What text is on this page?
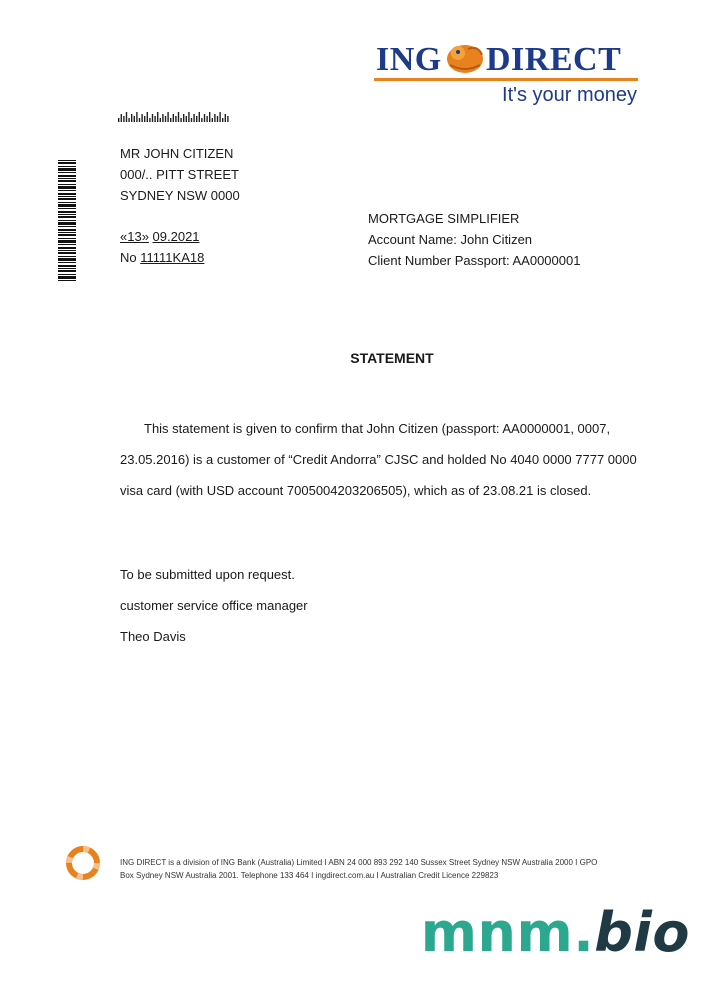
ING DIRECT
It's your money
MR JOHN CITIZEN
000/.. PITT STREET
SYDNEY NSW 0000
«13» 09.2021
No 11111KA18
MORTGAGE SIMPLIFIER
Account Name: John Citizen
Client Number Passport: AA0000001
STATEMENT

This statement is given to confirm that John Citizen (passport: AA0000001, 0007,

23.05.2016) is a customer of “Credit Andorra” CJSC and holded No 4040 0000 7777 0000

visa card (with USD account 7005004203206505), which as of 23.08.21 is closed.

To be submitted upon request.
customer service office manager
Theo Davis
ING DIRECT is a division of ING Bank (Australia) Limited I ABN 24 000 893 292 140 Sussex Street Sydney NSW Australia 2000 I GPO
Box Sydney NSW Australia 2001. Telephone 133 464 I ingdirect.com.au I Australian Credit Licence 229823
mnm.bio
